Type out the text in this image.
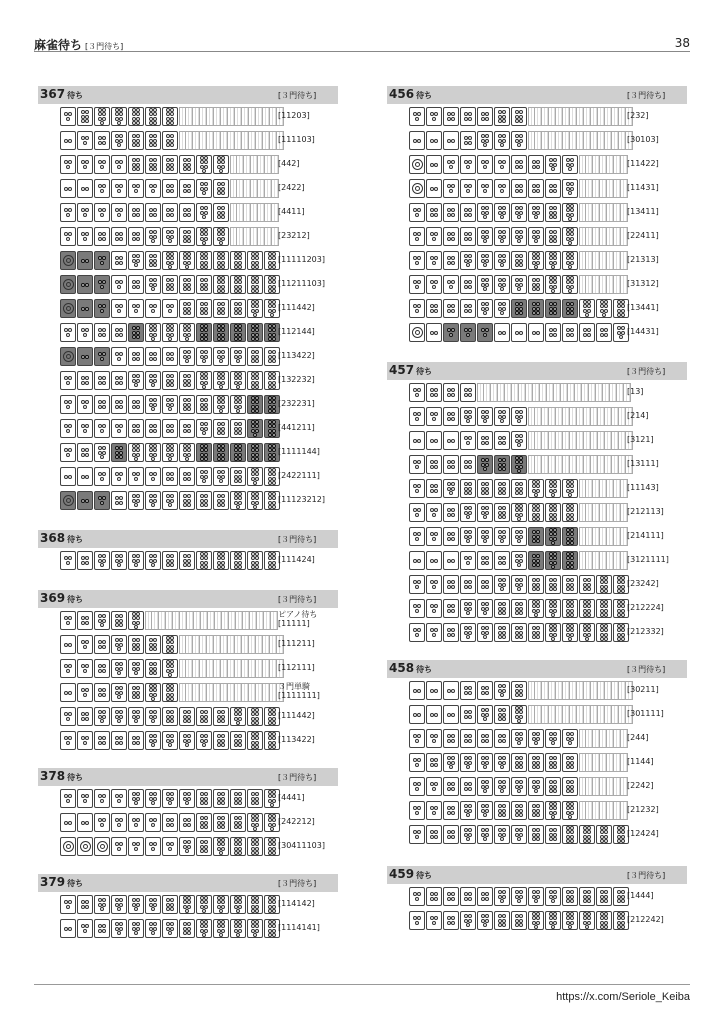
麻雀待ち [３門待ち]	38
367 待ち	[３門待ち]
[11203]
[111103]
[442]
[2422]
[4411]
[23212]
[11111203]
[11211103]
[111442]
[112144]
[113422]
[132232]
[232231]
[441211]
[1111144]
[2422111]
[11123212]
368 待ち	[３門待ち]
[111424]
369 待ち	[３門待ち]
ピアノ待ち
[11111]
[111211]
[112111]
３門単騎
[1111111]
[111442]
[113422]
378 待ち	[３門待ち]
[4441]
[242212]
[30411103]
379 待ち	[３門待ち]
[114142]
[1114141]
456 待ち	[３門待ち]
[232]
[30103]
[11422]
[11431]
[13411]
[22411]
[21313]
[31312]
[13441]
[14431]
457 待ち	[３門待ち]
[13]
[214]
[3121]
[13111]
[11143]
[212113]
[214111]
[3121111]
[23242]
[212224]
[212332]
458 待ち	[３門待ち]
[30211]
[301111]
[244]
[1144]
[2242]
[21232]
[12424]
459 待ち	[３門待ち]
[1444]
[212242]
https://x.com/Seriole_Keiba
